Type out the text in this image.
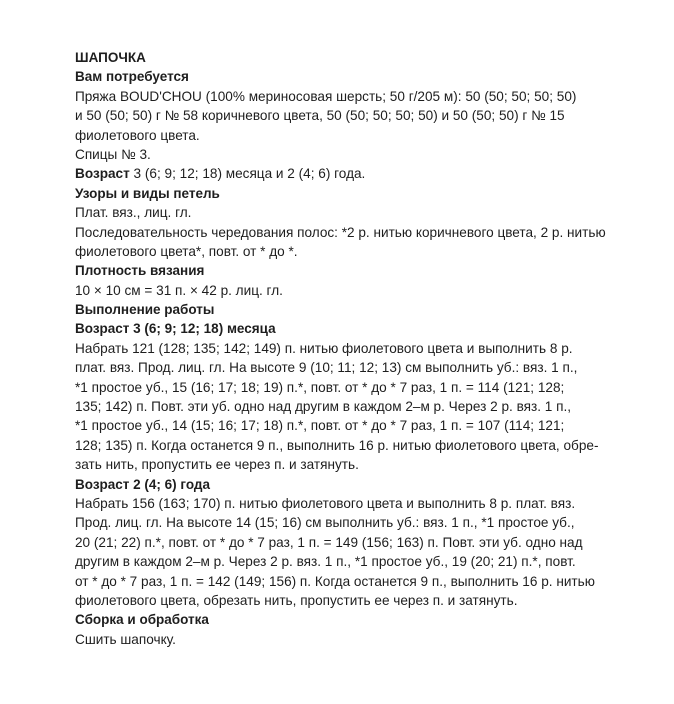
ШАПОЧКА
Вам потребуется
Пряжа BOUD'CHOU (100% мериносовая шерсть; 50 г/205 м): 50 (50; 50; 50; 50)
и 50 (50; 50) г № 58 коричневого цвета, 50 (50; 50; 50; 50) и 50 (50; 50) г № 15
фиолетового цвета.
Спицы № 3.
Возраст 3 (6; 9; 12; 18) месяца и 2 (4; 6) года.
Узоры и виды петель
Плат. вяз., лиц. гл.
Последовательность чередования полос: *2 р. нитью коричневого цвета, 2 р. нитью
фиолетового цвета*, повт. от * до *.
Плотность вязания
10 × 10 см = 31 п. × 42 р. лиц. гл.
Выполнение работы
Возраст 3 (6; 9; 12; 18) месяца
Набрать 121 (128; 135; 142; 149) п. нитью фиолетового цвета и выполнить 8 р.
плат. вяз. Прод. лиц. гл. На высоте 9 (10; 11; 12; 13) см выполнить уб.: вяз. 1 п.,
*1 простое уб., 15 (16; 17; 18; 19) п.*, повт. от * до * 7 раз, 1 п. = 114 (121; 128;
135; 142) п. Повт. эти уб. одно над другим в каждом 2–м р. Через 2 р. вяз. 1 п.,
*1 простое уб., 14 (15; 16; 17; 18) п.*, повт. от * до * 7 раз, 1 п. = 107 (114; 121;
128; 135) п. Когда останется 9 п., выполнить 16 р. нитью фиолетового цвета, обре-
зать нить, пропустить ее через п. и затянуть.
Возраст 2 (4; 6) года
Набрать 156 (163; 170) п. нитью фиолетового цвета и выполнить 8 р. плат. вяз.
Прод. лиц. гл. На высоте 14 (15; 16) см выполнить уб.: вяз. 1 п., *1 простое уб.,
20 (21; 22) п.*, повт. от * до * 7 раз, 1 п. = 149 (156; 163) п. Повт. эти уб. одно над
другим в каждом 2–м р. Через 2 р. вяз. 1 п., *1 простое уб., 19 (20; 21) п.*, повт.
от * до * 7 раз, 1 п. = 142 (149; 156) п. Когда останется 9 п., выполнить 16 р. нитью
фиолетового цвета, обрезать нить, пропустить ее через п. и затянуть.
Сборка и обработка
Сшить шапочку.
